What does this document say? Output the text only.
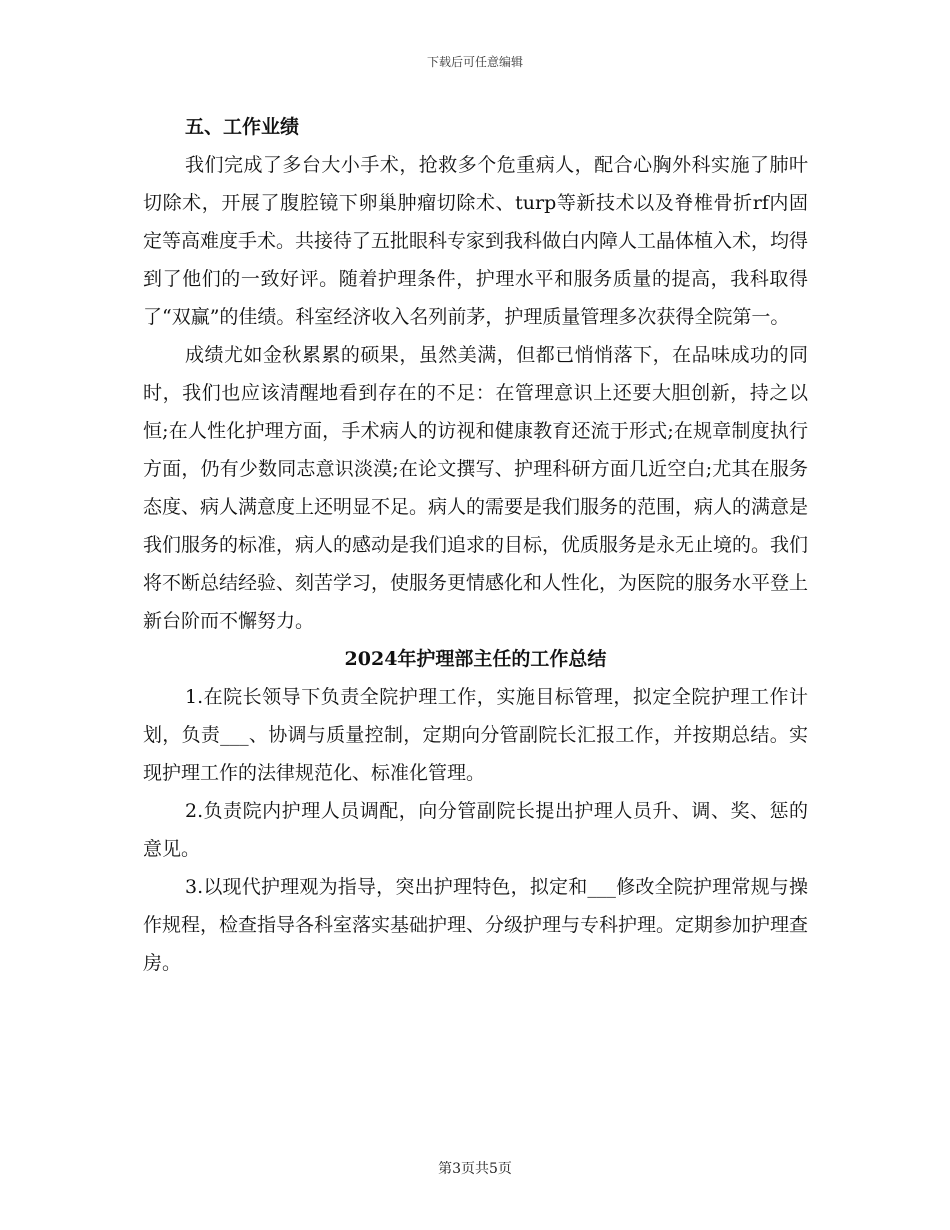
下载后可任意编辑

五、工作业绩

我们完成了多台大小手术，抢救多个危重病人，配合心胸外科实施了肺叶切除术，开展了腹腔镜下卵巢肿瘤切除术、turp等新技术以及脊椎骨折rf内固定等高难度手术。共接待了五批眼科专家到我科做白内障人工晶体植入术，均得到了他们的一致好评。随着护理条件，护理水平和服务质量的提高，我科取得了“双赢”的佳绩。科室经济收入名列前茅，护理质量管理多次获得全院第一。

成绩尤如金秋累累的硕果，虽然美满，但都已悄悄落下，在品味成功的同时，我们也应该清醒地看到存在的不足：在管理意识上还要大胆创新，持之以恒;在人性化护理方面，手术病人的访视和健康教育还流于形式;在规章制度执行方面，仍有少数同志意识淡漠;在论文撰写、护理科研方面几近空白;尤其在服务态度、病人满意度上还明显不足。病人的需要是我们服务的范围，病人的满意是我们服务的标准，病人的感动是我们追求的目标，优质服务是永无止境的。我们将不断总结经验、刻苦学习，使服务更情感化和人性化，为医院的服务水平登上新台阶而不懈努力。

2024年护理部主任的工作总结

1.在院长领导下负责全院护理工作，实施目标管理，拟定全院护理工作计划，负责___、协调与质量控制，定期向分管副院长汇报工作，并按期总结。实现护理工作的法律规范化、标准化管理。

2.负责院内护理人员调配，向分管副院长提出护理人员升、调、奖、惩的意见。

3.以现代护理观为指导，突出护理特色，拟定和___修改全院护理常规与操作规程，检查指导各科室落实基础护理、分级护理与专科护理。定期参加护理查房。

第3页共5页
